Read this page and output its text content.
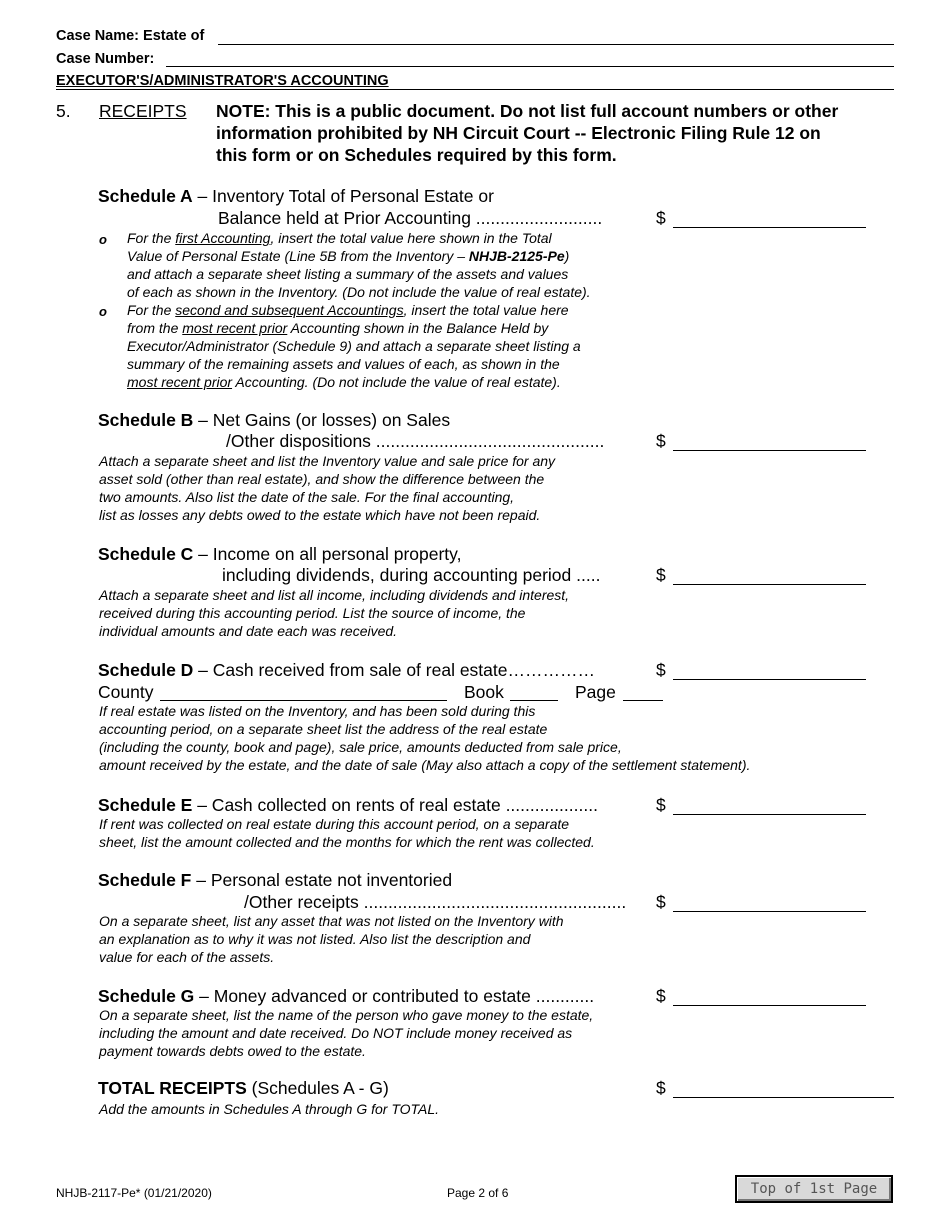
Case Name: Estate of
Case Number:
EXECUTOR'S/ADMINISTRATOR'S ACCOUNTING
5. RECEIPTS NOTE: This is a public document. Do not list full account numbers or other
information prohibited by NH Circuit Court -- Electronic Filing Rule 12 on
this form or on Schedules required by this form.
Schedule A – Inventory Total of Personal Estate or
Balance held at Prior Accounting ..........................	$
o For the first Accounting, insert the total value here shown in the Total
Value of Personal Estate (Line 5B from the Inventory – NHJB-2125-Pe)
and attach a separate sheet listing a summary of the assets and values
of each as shown in the Inventory. (Do not include the value of real estate).
o For the second and subsequent Accountings, insert the total value here
from the most recent prior Accounting shown in the Balance Held by
Executor/Administrator (Schedule 9) and attach a separate sheet listing a
summary of the remaining assets and values of each, as shown in the
most recent prior Accounting. (Do not include the value of real estate).
Schedule B – Net Gains (or losses) on Sales
/Other dispositions ...............................................	$
Attach a separate sheet and list the Inventory value and sale price for any
asset sold (other than real estate), and show the difference between the
two amounts. Also list the date of the sale. For the final accounting,
list as losses any debts owed to the estate which have not been repaid.
Schedule C – Income on all personal property,
including dividends, during accounting period .....	$
Attach a separate sheet and list all income, including dividends and interest,
received during this accounting period. List the source of income, the
individual amounts and date each was received.
Schedule D – Cash received from sale of real estate……………	$
County	Book	Page
If real estate was listed on the Inventory, and has been sold during this
accounting period, on a separate sheet list the address of the real estate
(including the county, book and page), sale price, amounts deducted from sale price,
amount received by the estate, and the date of sale (May also attach a copy of the settlement statement).
Schedule E – Cash collected on rents of real estate ...................	$
If rent was collected on real estate during this account period, on a separate
sheet, list the amount collected and the months for which the rent was collected.
Schedule F – Personal estate not inventoried
/Other receipts ...................................................... $
On a separate sheet, list any asset that was not listed on the Inventory with
an explanation as to why it was not listed. Also list the description and
value for each of the assets.
Schedule G – Money advanced or contributed to estate ............	$
On a separate sheet, list the name of the person who gave money to the estate,
including the amount and date received. Do NOT include money received as
payment towards debts owed to the estate.
TOTAL RECEIPTS (Schedules A - G)	$
Add the amounts in Schedules A through G for TOTAL.
NHJB-2117-Pe* (01/21/2020)	Page 2 of 6	Top of 1st Page
